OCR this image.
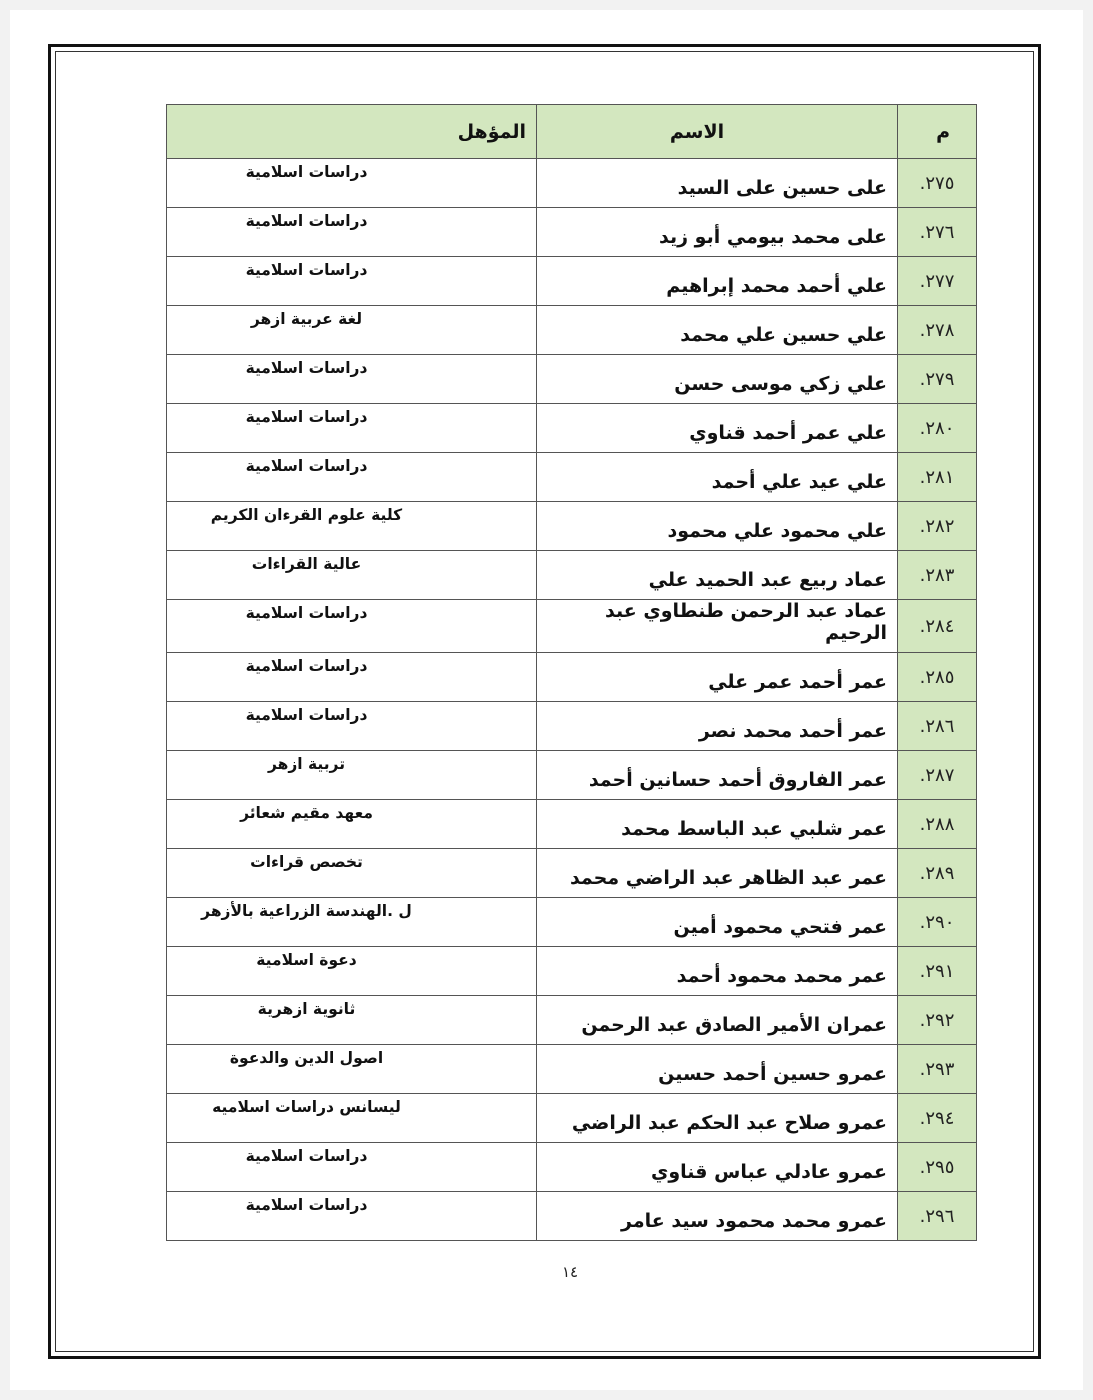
م	الاسم	المؤهل
٢٧٥.	على حسين على السيد	دراسات اسلامية
٢٧٦.	على محمد بيومي أبو زيد	دراسات اسلامية
٢٧٧.	علي أحمد محمد إبراهيم	دراسات اسلامية
٢٧٨.	علي حسين علي محمد	لغة عربية ازهر
٢٧٩.	علي زكي موسى حسن	دراسات اسلامية
٢٨٠.	علي عمر أحمد قناوي	دراسات اسلامية
٢٨١.	علي عيد علي أحمد	دراسات اسلامية
٢٨٢.	علي محمود علي محمود	كلية علوم القرءان الكريم
٢٨٣.	عماد ربيع عبد الحميد علي	عالية القراءات
٢٨٤.	عماد عبد الرحمن طنطاوي عبد الرحيم	دراسات اسلامية
٢٨٥.	عمر أحمد عمر علي	دراسات اسلامية
٢٨٦.	عمر أحمد محمد نصر	دراسات اسلامية
٢٨٧.	عمر الفاروق أحمد حسانين أحمد	تربية ازهر
٢٨٨.	عمر شلبي عبد الباسط محمد	معهد مقيم شعائر
٢٨٩.	عمر عبد الظاهر عبد الراضي محمد	تخصص قراءات
٢٩٠.	عمر فتحي محمود أمين	ل .الهندسة الزراعية بالأزهر
٢٩١.	عمر محمد محمود أحمد	دعوة اسلامية
٢٩٢.	عمران الأمير الصادق عبد الرحمن	ثانوية ازهرية
٢٩٣.	عمرو حسين أحمد حسين	اصول الدين والدعوة
٢٩٤.	عمرو صلاح عبد الحكم عبد الراضي	ليسانس دراسات اسلاميه
٢٩٥.	عمرو عادلي عباس قناوي	دراسات اسلامية
٢٩٦.	عمرو محمد محمود سيد عامر	دراسات اسلامية
١٤
